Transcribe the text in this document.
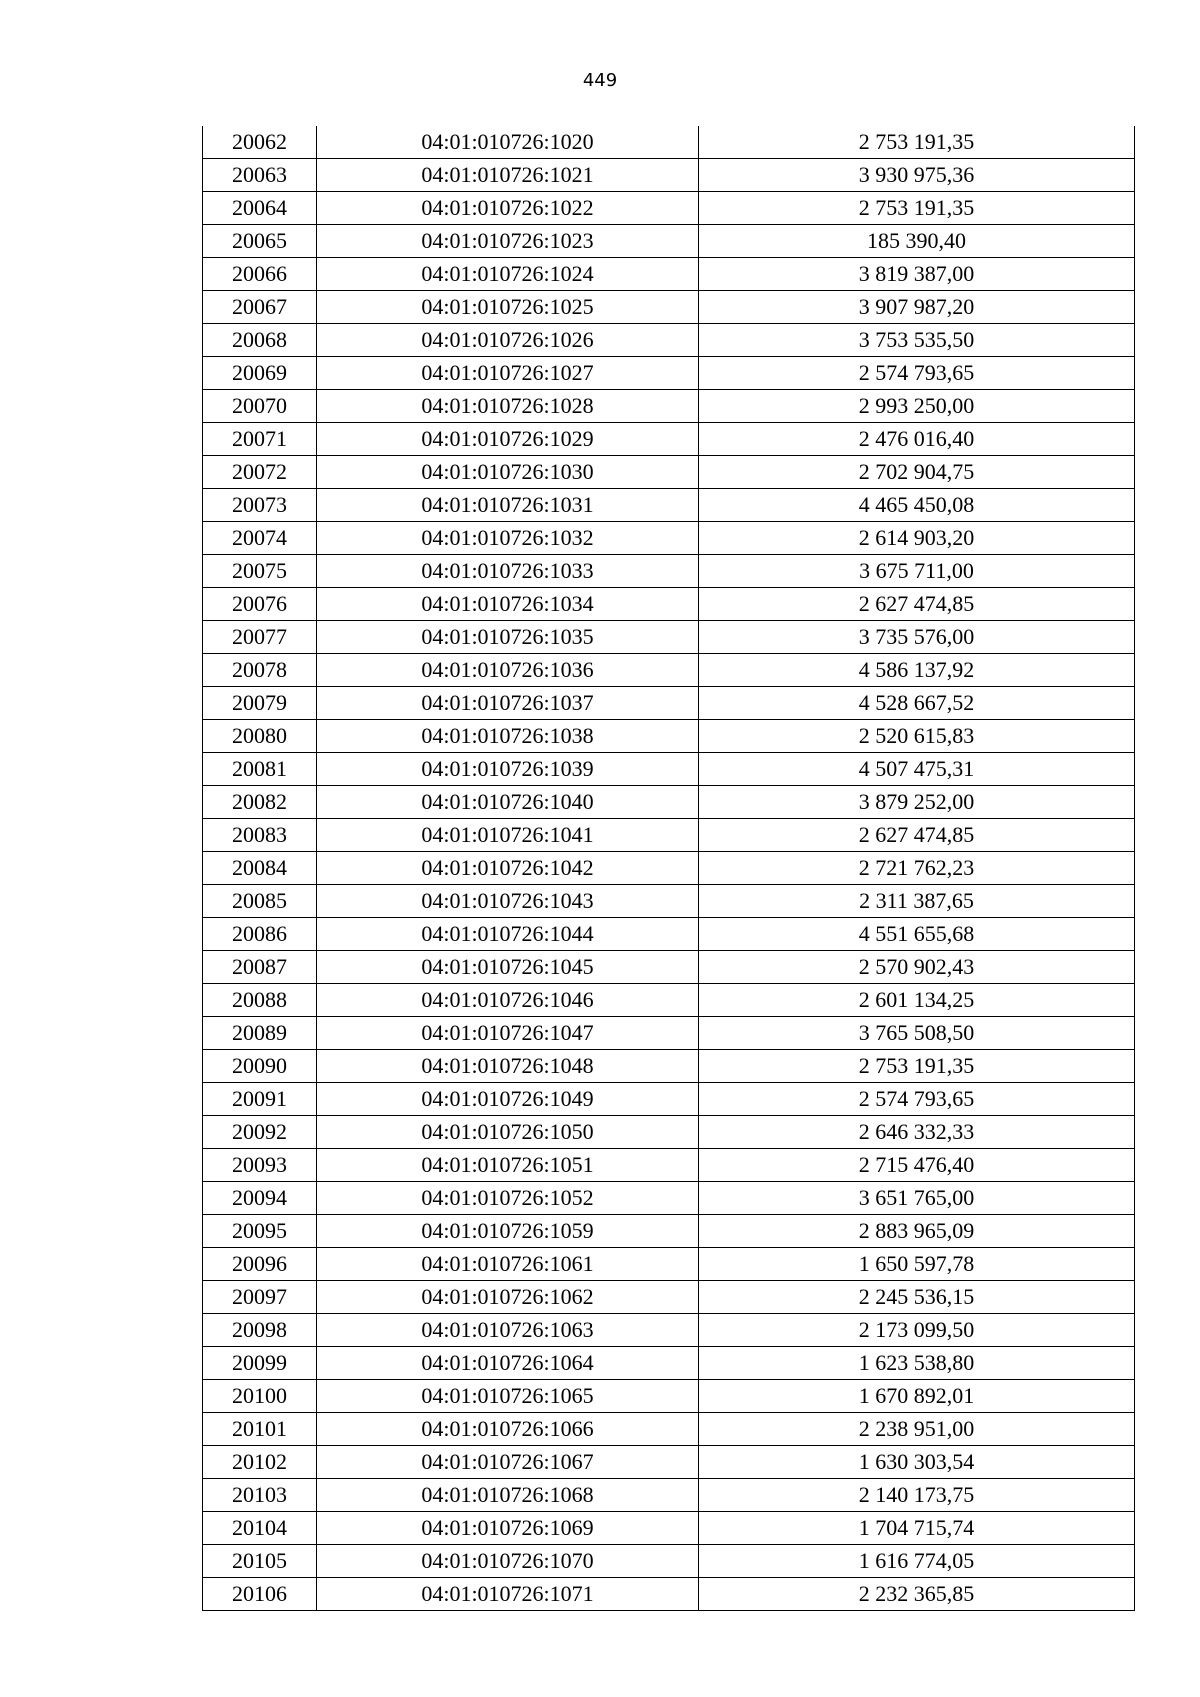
449
20062	04:01:010726:1020	2 753 191,35
20063	04:01:010726:1021	3 930 975,36
20064	04:01:010726:1022	2 753 191,35
20065	04:01:010726:1023	185 390,40
20066	04:01:010726:1024	3 819 387,00
20067	04:01:010726:1025	3 907 987,20
20068	04:01:010726:1026	3 753 535,50
20069	04:01:010726:1027	2 574 793,65
20070	04:01:010726:1028	2 993 250,00
20071	04:01:010726:1029	2 476 016,40
20072	04:01:010726:1030	2 702 904,75
20073	04:01:010726:1031	4 465 450,08
20074	04:01:010726:1032	2 614 903,20
20075	04:01:010726:1033	3 675 711,00
20076	04:01:010726:1034	2 627 474,85
20077	04:01:010726:1035	3 735 576,00
20078	04:01:010726:1036	4 586 137,92
20079	04:01:010726:1037	4 528 667,52
20080	04:01:010726:1038	2 520 615,83
20081	04:01:010726:1039	4 507 475,31
20082	04:01:010726:1040	3 879 252,00
20083	04:01:010726:1041	2 627 474,85
20084	04:01:010726:1042	2 721 762,23
20085	04:01:010726:1043	2 311 387,65
20086	04:01:010726:1044	4 551 655,68
20087	04:01:010726:1045	2 570 902,43
20088	04:01:010726:1046	2 601 134,25
20089	04:01:010726:1047	3 765 508,50
20090	04:01:010726:1048	2 753 191,35
20091	04:01:010726:1049	2 574 793,65
20092	04:01:010726:1050	2 646 332,33
20093	04:01:010726:1051	2 715 476,40
20094	04:01:010726:1052	3 651 765,00
20095	04:01:010726:1059	2 883 965,09
20096	04:01:010726:1061	1 650 597,78
20097	04:01:010726:1062	2 245 536,15
20098	04:01:010726:1063	2 173 099,50
20099	04:01:010726:1064	1 623 538,80
20100	04:01:010726:1065	1 670 892,01
20101	04:01:010726:1066	2 238 951,00
20102	04:01:010726:1067	1 630 303,54
20103	04:01:010726:1068	2 140 173,75
20104	04:01:010726:1069	1 704 715,74
20105	04:01:010726:1070	1 616 774,05
20106	04:01:010726:1071	2 232 365,85
